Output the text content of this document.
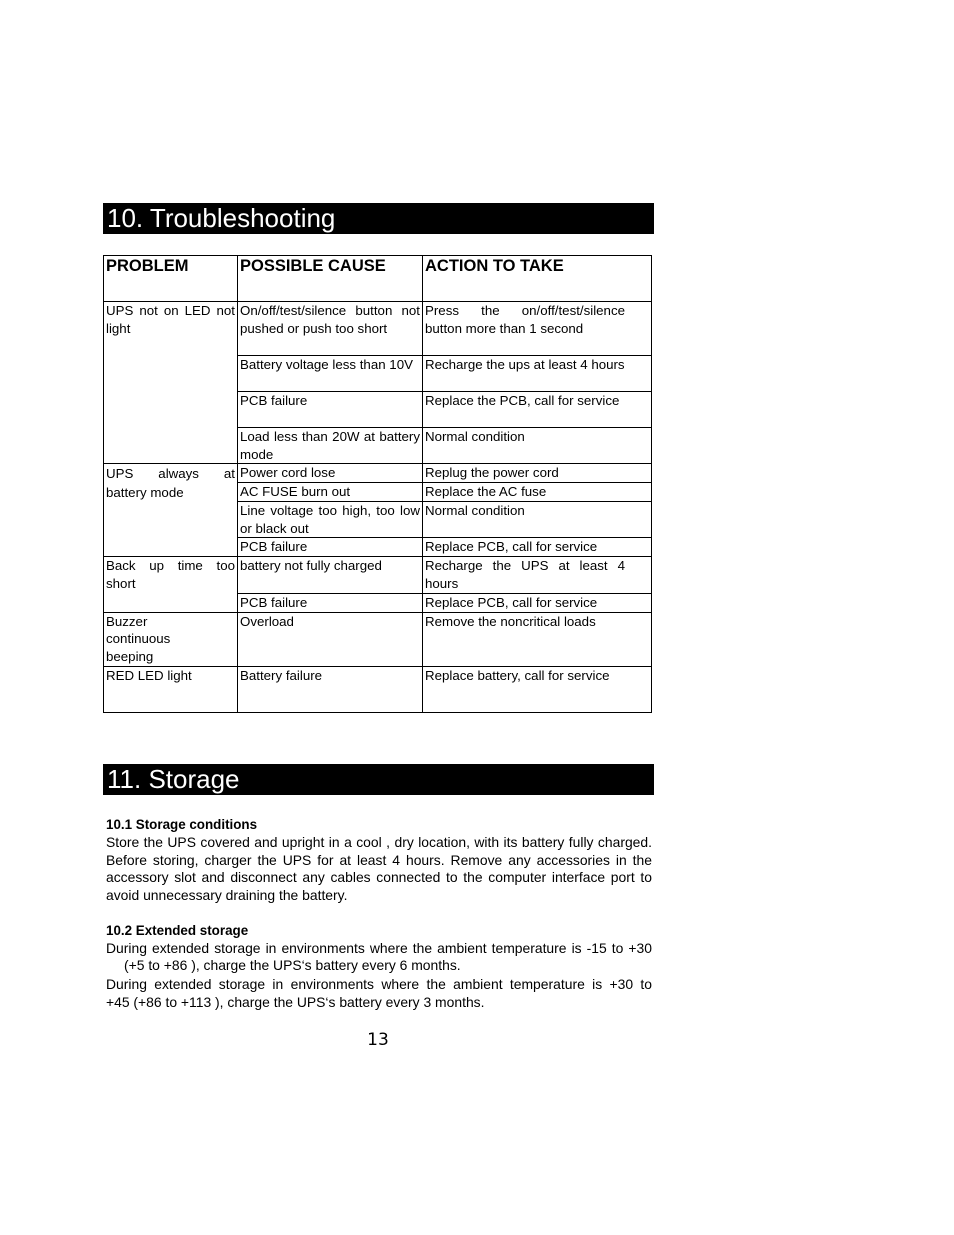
10. Troubleshooting
PROBLEM	POSSIBLE CAUSE	ACTION TO TAKE
UPS not on LED not light	On/off/test/silence button not pushed or push too short	Press the on/off/test/silence button more than 1 second
	Battery voltage less than 10V	Recharge the ups at least 4 hours
	PCB failure	Replace the PCB, call for service
	Load less than 20W at battery mode	Normal condition
UPS always at battery mode	Power cord lose	Replug the power cord
	AC FUSE burn out	Replace the AC fuse
	Line voltage too high, too low or black out	Normal condition
	PCB failure	Replace PCB, call for service
Back up time too short	battery not fully charged	Recharge the UPS at least 4 hours
	PCB failure	Replace PCB, call for service
Buzzer continuous beeping	Overload	Remove the noncritical loads
RED LED light	Battery failure	Replace battery, call for service
11. Storage
10.1 Storage conditions
Store the UPS covered and upright in a cool , dry location, with its battery fully charged. Before storing, charger the UPS for at least 4 hours. Remove any accessories in the accessory slot and disconnect any cables connected to the computer interface port to avoid unnecessary draining the battery.
10.2 Extended storage
During extended storage in environments where the ambient temperature is -15 to +30
(+5 to +86 ), charge the UPS‘s battery every 6 months.
During extended storage in environments where the ambient temperature is +30 to
+45 (+86 to +113 ), charge the UPS‘s battery every 3 months.
13
